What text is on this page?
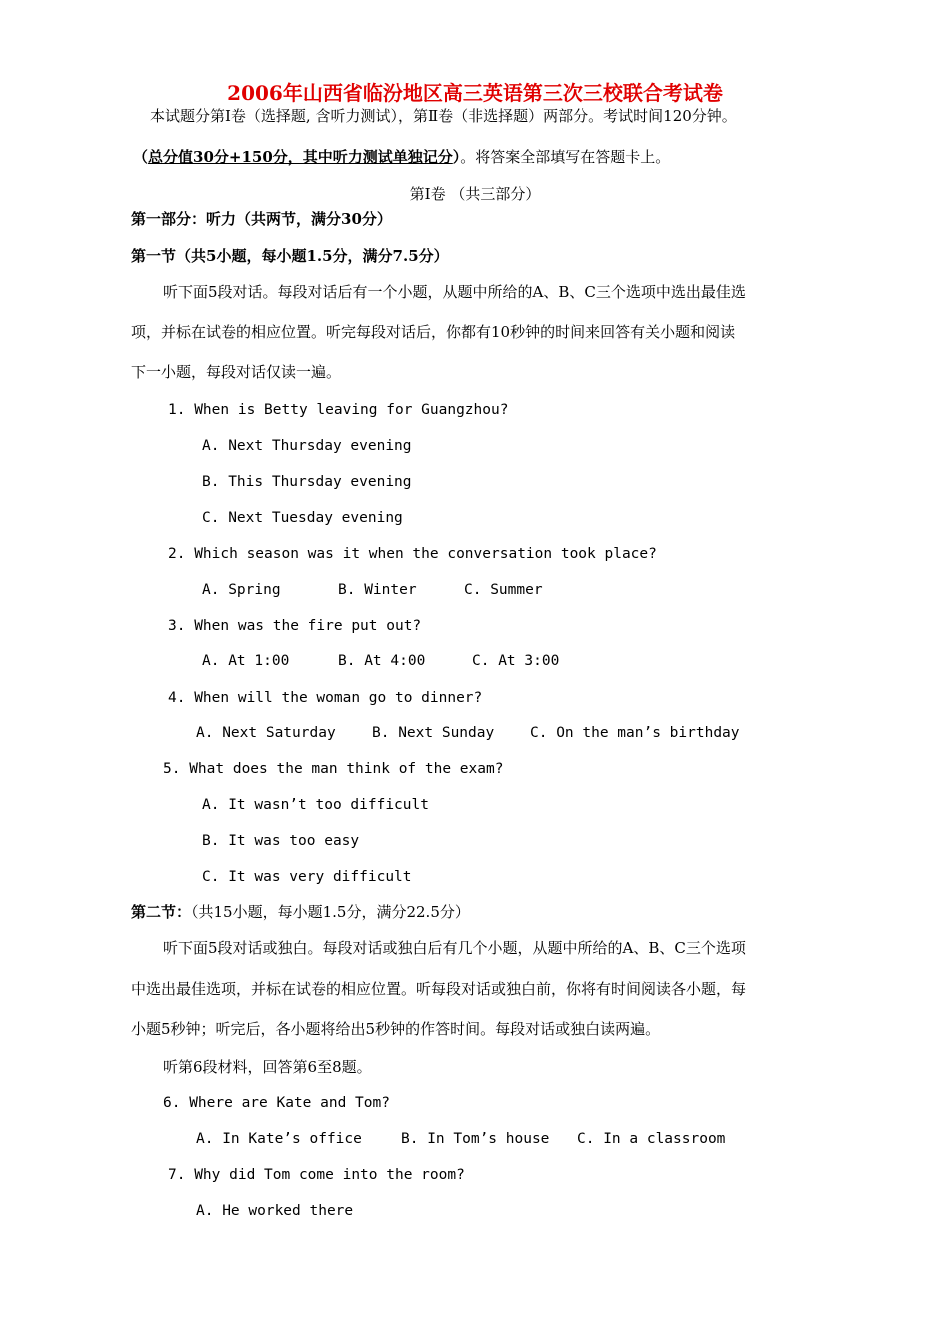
2006年山西省临汾地区高三英语第三次三校联合考试卷
本试题分第Ⅰ卷（选择题, 含听力测试），第Ⅱ卷（非选择题）两部分。考试时间120分钟。
（总分值30分+150分，其中听力测试单独记分）。将答案全部填写在答题卡上。
第Ⅰ卷 （共三部分）
第一部分：听力（共两节，满分30分）
第一节（共5小题，每小题1.5分，满分7.5分）
听下面5段对话。每段对话后有一个小题，从题中所给的A、B、C三个选项中选出最佳选
项，并标在试卷的相应位置。听完每段对话后，你都有10秒钟的时间来回答有关小题和阅读
下一小题，每段对话仅读一遍。
1. When is Betty leaving for Guangzhou?
A. Next Thursday evening
B. This Thursday evening
C. Next Tuesday evening
2. Which season was it when the conversation took place?
A. Spring	B. Winter	C. Summer
3. When was the fire put out?
A. At 1:00	B. At 4:00	C. At 3:00
4. When will the woman go to dinner?
A. Next Saturday	B. Next Sunday C. On the man’s birthday
5. What does the man think of the exam?
A. It wasn’t too difficult
B. It was too easy
C. It was very difficult
第二节：（共15小题，每小题1.5分，满分22.5分）
听下面5段对话或独白。每段对话或独白后有几个小题，从题中所给的A、B、C三个选项
中选出最佳选项，并标在试卷的相应位置。听每段对话或独白前，你将有时间阅读各小题，每
小题5秒钟；听完后，各小题将给出5秒钟的作答时间。每段对话或独白读两遍。
听第6段材料，回答第6至8题。
6. Where are Kate and Tom?
A. In Kate’s office	B. In Tom’s house C. In a classroom
7. Why did Tom come into the room?
A. He worked there
